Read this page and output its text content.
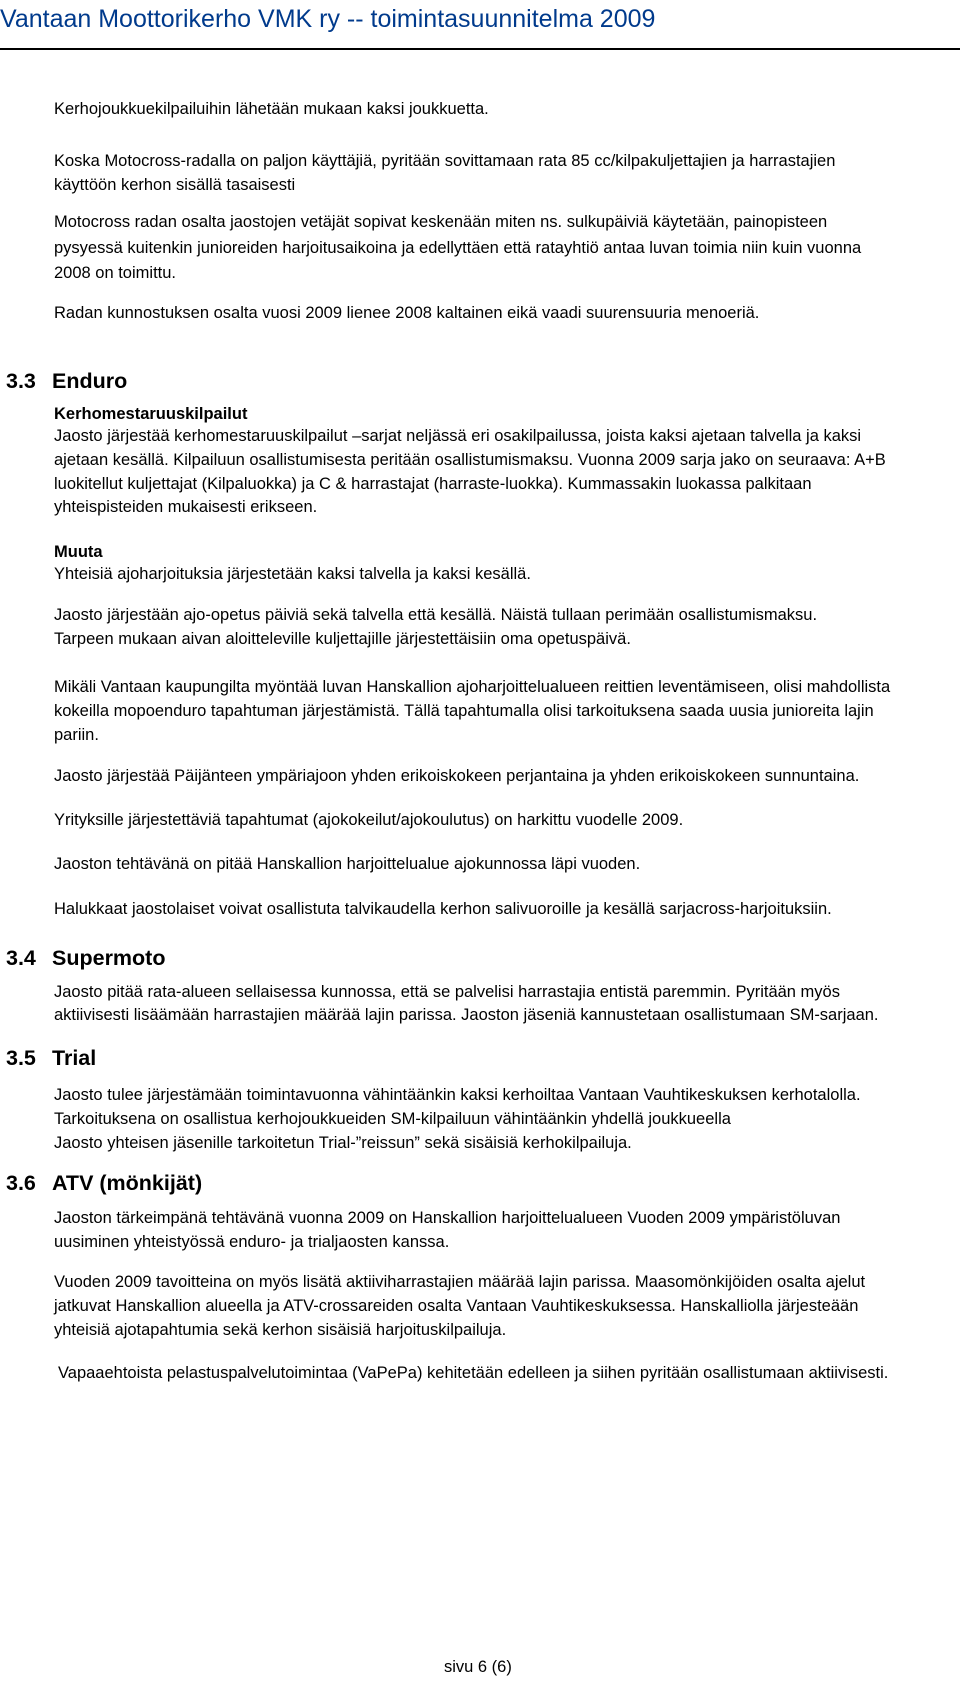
Vantaan Moottorikerho VMK ry -- toimintasuunnitelma 2009
Kerhojoukkuekilpailuihin lähetään mukaan kaksi joukkuetta.
Koska Motocross-radalla on paljon käyttäjiä, pyritään sovittamaan rata 85 cc/kilpakuljettajien ja harrastajien
käyttöön kerhon sisällä tasaisesti
Motocross radan osalta jaostojen vetäjät sopivat keskenään miten ns. sulkupäiviä käytetään, painopisteen
pysyessä kuitenkin junioreiden harjoitusaikoina ja edellyttäen että ratayhtiö antaa luvan toimia niin kuin vuonna
2008 on toimittu.
Radan kunnostuksen osalta vuosi 2009 lienee 2008 kaltainen eikä vaadi suurensuuria menoeriä.
3.3 Enduro
Kerhomestaruuskilpailut
Jaosto järjestää kerhomestaruuskilpailut –sarjat neljässä eri osakilpailussa, joista kaksi ajetaan talvella ja kaksi
ajetaan kesällä. Kilpailuun osallistumisesta peritään osallistumismaksu. Vuonna 2009 sarja jako on seuraava: A+B
luokitellut kuljettajat (Kilpaluokka) ja C & harrastajat (harraste-luokka). Kummassakin luokassa palkitaan
yhteispisteiden mukaisesti erikseen.
Muuta
Yhteisiä ajoharjoituksia järjestetään kaksi talvella ja kaksi kesällä.
Jaosto järjestään ajo-opetus päiviä sekä talvella että kesällä. Näistä tullaan perimään osallistumismaksu.
Tarpeen mukaan aivan aloitteleville kuljettajille järjestettäisiin oma opetuspäivä.
Mikäli Vantaan kaupungilta myöntää luvan Hanskallion ajoharjoittelualueen reittien leventämiseen, olisi mahdollista
kokeilla mopoenduro tapahtuman järjestämistä. Tällä tapahtumalla olisi tarkoituksena saada uusia junioreita lajin
pariin.
Jaosto järjestää Päijänteen ympäriajoon yhden erikoiskokeen perjantaina ja yhden erikoiskokeen sunnuntaina.
Yrityksille järjestettäviä tapahtumat (ajokokeilut/ajokoulutus) on harkittu vuodelle 2009.
Jaoston tehtävänä on pitää Hanskallion harjoittelualue ajokunnossa läpi vuoden.
Halukkaat jaostolaiset voivat osallistuta talvikaudella kerhon salivuoroille ja kesällä sarjacross-harjoituksiin.
3.4 Supermoto
Jaosto pitää rata-alueen sellaisessa kunnossa, että se palvelisi harrastajia entistä paremmin. Pyritään myös
aktiivisesti lisäämään harrastajien määrää lajin parissa. Jaoston jäseniä kannustetaan osallistumaan SM-sarjaan.
3.5 Trial
Jaosto tulee järjestämään toimintavuonna vähintäänkin kaksi kerhoiltaa Vantaan Vauhtikeskuksen kerhotalolla.
Tarkoituksena on osallistua kerhojoukkueiden SM-kilpailuun vähintäänkin yhdellä joukkueella
Jaosto yhteisen jäsenille tarkoitetun Trial-”reissun” sekä sisäisiä kerhokilpailuja.
3.6 ATV (mönkijät)
Jaoston tärkeimpänä tehtävänä vuonna 2009 on Hanskallion harjoittelualueen Vuoden 2009 ympäristöluvan
uusiminen yhteistyössä enduro- ja trialjaosten kanssa.
Vuoden 2009 tavoitteina on myös lisätä aktiiviharrastajien määrää lajin parissa. Maasomönkijöiden osalta ajelut
jatkuvat Hanskallion alueella ja ATV-crossareiden osalta Vantaan Vauhtikeskuksessa. Hanskalliolla järjesteään
yhteisiä ajotapahtumia sekä kerhon sisäisiä harjoituskilpailuja.
Vapaaehtoista pelastuspalvelutoimintaa (VaPePa) kehitetään edelleen ja siihen pyritään osallistumaan aktiivisesti.
sivu 6 (6)
